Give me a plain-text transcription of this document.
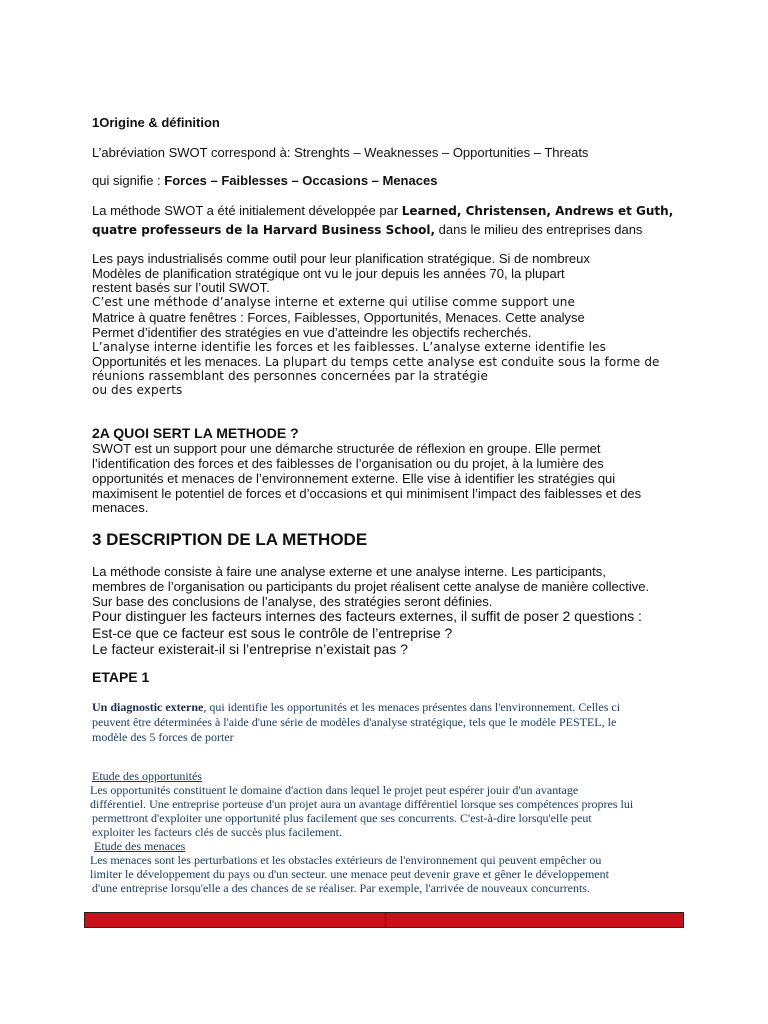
1Origine & définition
L’abréviation SWOT correspond à: Strenghts – Weaknesses – Opportunities – Threats
qui signifie : Forces – Faiblesses – Occasions – Menaces
La méthode SWOT a été initialement développée par Learned, Christensen, Andrews et Guth,
quatre professeurs de la Harvard Business School, dans le milieu des entreprises dans
Les pays industrialisés comme outil pour leur planification stratégique. Si de nombreux
Modèles de planification stratégique ont vu le jour depuis les années 70, la plupart
restent basés sur l’outil SWOT.
C’est une méthode d’analyse interne et externe qui utilise comme support une
Matrice à quatre fenêtres : Forces, Faiblesses, Opportunités, Menaces. Cette analyse
Permet d’identifier des stratégies en vue d’atteindre les objectifs recherchés.
L’analyse interne identifie les forces et les faiblesses. L’analyse externe identifie les
Opportunités et les menaces. La plupart du temps cette analyse est conduite sous la forme de
réunions rassemblant des personnes concernées par la stratégie
ou des experts
2A QUOI SERT LA METHODE ?
SWOT est un support pour une démarche structurée de réflexion en groupe. Elle permet
l’identification des forces et des faiblesses de l’organisation ou du projet, à la lumière des
opportunités et menaces de l’environnement externe. Elle vise à identifier les stratégies qui
maximisent le potentiel de forces et d’occasions et qui minimisent l’impact des faiblesses et des
menaces.
3 DESCRIPTION DE LA METHODE
La méthode consiste à faire une analyse externe et une analyse interne. Les participants,
membres de l’organisation ou participants du projet réalisent cette analyse de manière collective.
Sur base des conclusions de l’analyse, des stratégies seront définies.
Pour distinguer les facteurs internes des facteurs externes, il suffit de poser 2 questions :
Est-ce que ce facteur est sous le contrôle de l’entreprise ?
Le facteur existerait-il si l’entreprise n’existait pas ?
ETAPE 1
Un diagnostic externe, qui identifie les opportunités et les menaces présentes dans l'environnement. Celles ci
peuvent être déterminées à l'aide d'une série de modèles d'analyse stratégique, tels que le modèle PESTEL, le
modèle des 5 forces de porter
Etude des opportunités
Les opportunités constituent le domaine d'action dans lequel le projet peut espérer jouir d'un avantage
différentiel. Une entreprise porteuse d'un projet aura un avantage différentiel lorsque ses compétences propres lui
permettront d'exploiter une opportunité plus facilement que ses concurrents. C'est-à-dire lorsqu'elle peut
exploiter les facteurs clés de succès plus facilement.
Etude des menaces
Les menaces sont les perturbations et les obstacles extérieurs de l'environnement qui peuvent empêcher ou
limiter le développement du pays ou d'un secteur. une menace peut devenir grave et gêner le développement
d'une entreprise lorsqu'elle a des chances de se réaliser. Par exemple, l'arrivée de nouveaux concurrents.
